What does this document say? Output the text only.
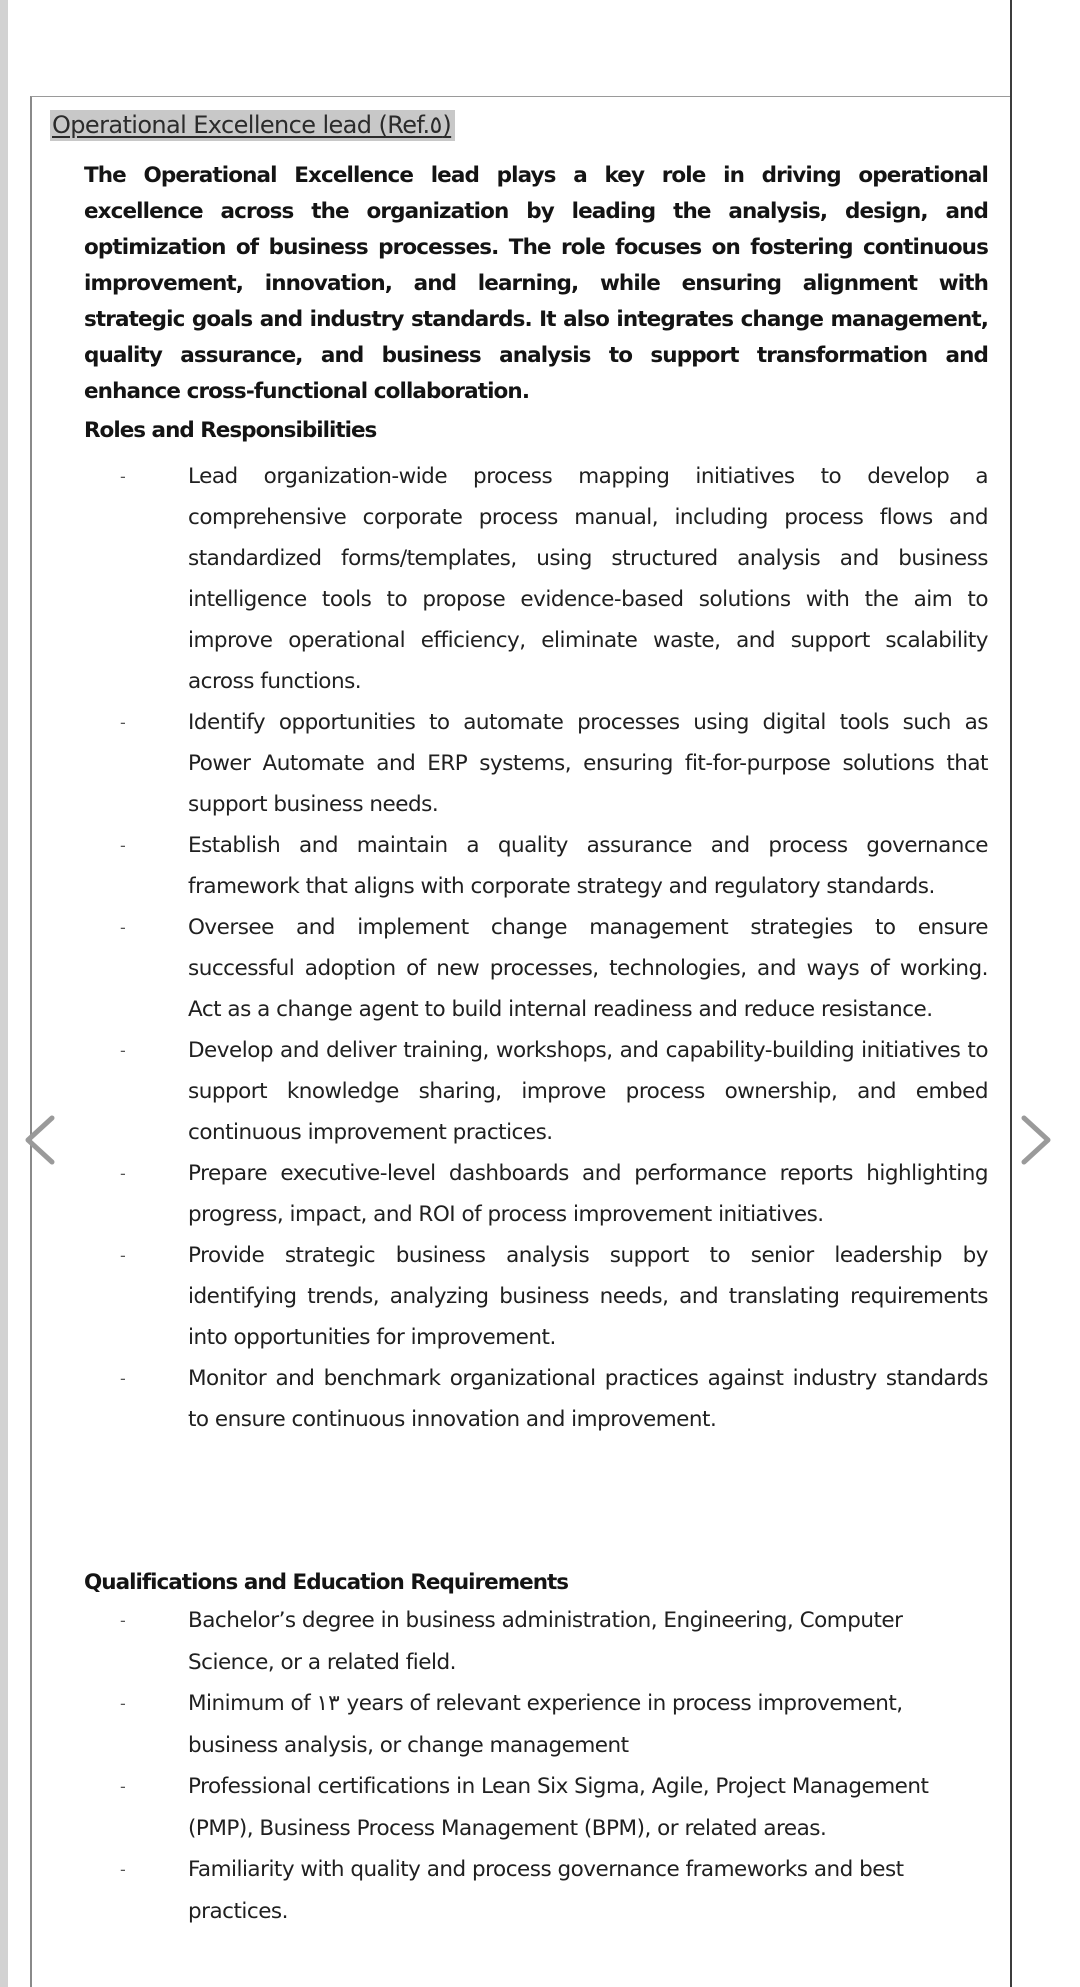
Operational Excellence lead (Ref.٥)

The Operational Excellence lead plays a key role in driving operational excellence across the organization by leading the analysis, design, and optimization of business processes. The role focuses on fostering continuous improvement, innovation, and learning, while ensuring alignment with strategic goals and industry standards. It also integrates change management, quality assurance, and business analysis to support transformation and enhance cross-functional collaboration.

Roles and Responsibilities
-	Lead organization-wide process mapping initiatives to develop a comprehensive corporate process manual, including process flows and standardized forms/templates, using structured analysis and business intelligence tools to propose evidence-based solutions with the aim to improve operational efficiency, eliminate waste, and support scalability across functions.
-	Identify opportunities to automate processes using digital tools such as Power Automate and ERP systems, ensuring fit-for-purpose solutions that support business needs.
-	Establish and maintain a quality assurance and process governance framework that aligns with corporate strategy and regulatory standards.
-	Oversee and implement change management strategies to ensure successful adoption of new processes, technologies, and ways of working. Act as a change agent to build internal readiness and reduce resistance.
-	Develop and deliver training, workshops, and capability-building initiatives to support knowledge sharing, improve process ownership, and embed continuous improvement practices.
-	Prepare executive-level dashboards and performance reports highlighting progress, impact, and ROI of process improvement initiatives.
-	Provide strategic business analysis support to senior leadership by identifying trends, analyzing business needs, and translating requirements into opportunities for improvement.
-	Monitor and benchmark organizational practices against industry standards to ensure continuous innovation and improvement.
Qualifications and Education Requirements
-	Bachelor’s degree in business administration, Engineering, Computer Science, or a related field.
-	Minimum of ١٣ years of relevant experience in process improvement, business analysis, or change management
-	Professional certifications in Lean Six Sigma, Agile, Project Management (PMP), Business Process Management (BPM), or related areas.
-	Familiarity with quality and process governance frameworks and best practices.
